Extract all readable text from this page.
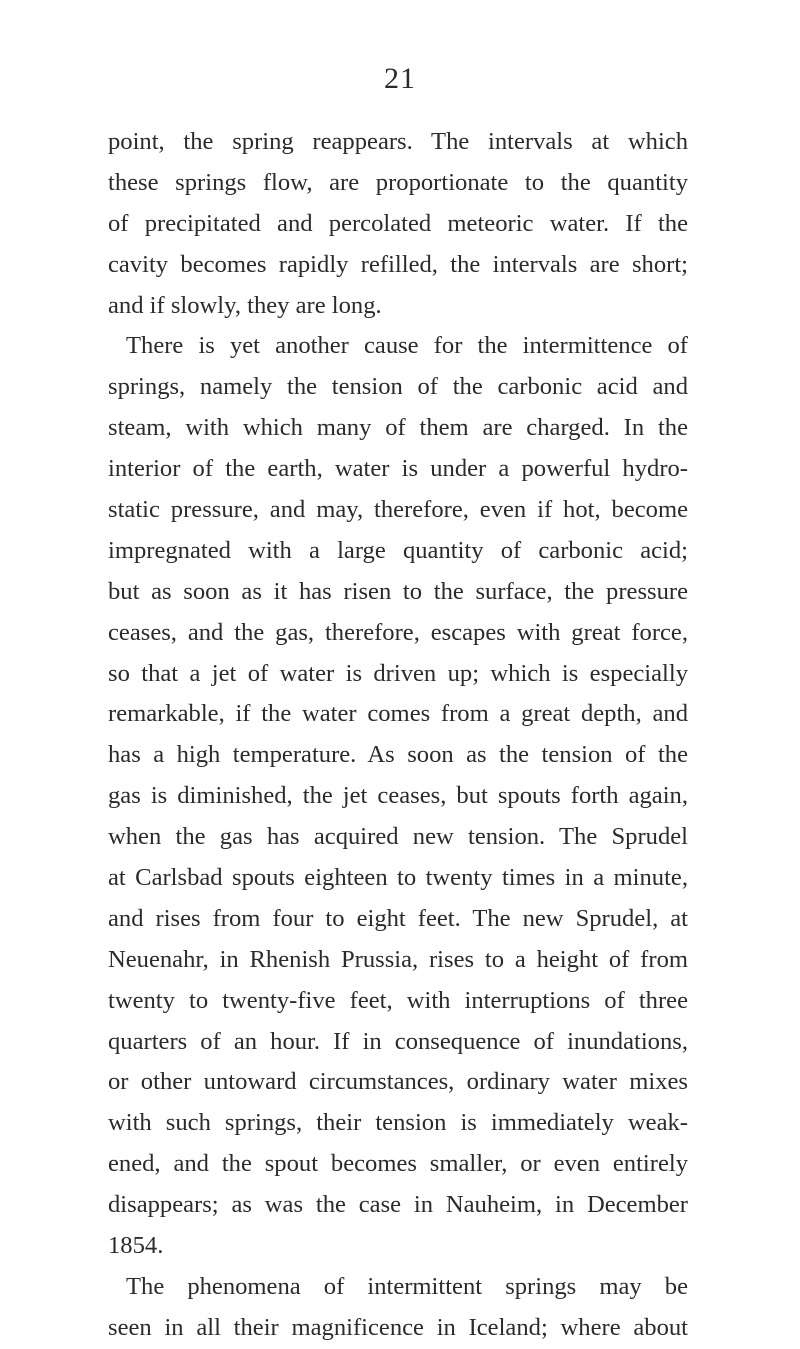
21
point, the spring reappears. The intervals at which
these springs flow, are proportionate to the quantity
of precipitated and percolated meteoric water. If the
cavity becomes rapidly refilled, the intervals are short;
and if slowly, they are long.
There is yet another cause for the intermittence of
springs, namely the tension of the carbonic acid and
steam, with which many of them are charged. In the
interior of the earth, water is under a powerful hydro-
static pressure, and may, therefore, even if hot, become
impregnated with a large quantity of carbonic acid;
but as soon as it has risen to the surface, the pressure
ceases, and the gas, therefore, escapes with great force,
so that a jet of water is driven up; which is especially
remarkable, if the water comes from a great depth, and
has a high temperature. As soon as the tension of the
gas is diminished, the jet ceases, but spouts forth again,
when the gas has acquired new tension. The Sprudel
at Carlsbad spouts eighteen to twenty times in a minute,
and rises from four to eight feet. The new Sprudel, at
Neuenahr, in Rhenish Prussia, rises to a height of from
twenty to twenty-five feet, with interruptions of three
quarters of an hour. If in consequence of inundations,
or other untoward circumstances, ordinary water mixes
with such springs, their tension is immediately weak-
ened, and the spout becomes smaller, or even entirely
disappears; as was the case in Nauheim, in December
1854.
The phenomena of intermittent springs may be
seen in all their magnificence in Iceland; where about
